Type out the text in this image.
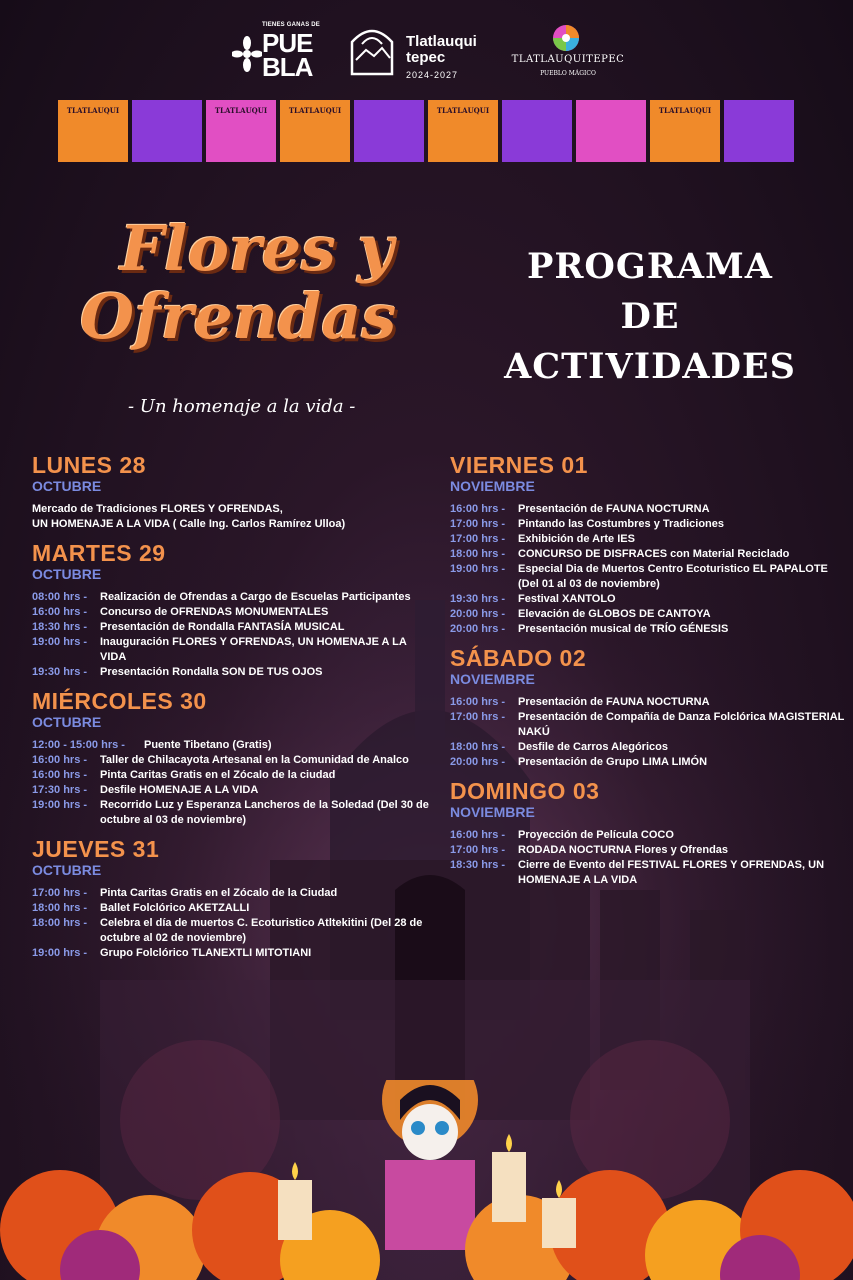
TIENES GANAS DE
PUE
BLA
Tlatlauqui
tepec
2024-2027
TLATLAUQUITEPEC
PUEBLO MÁGICO
TLATLAUQUI	TLATLAUQUI	TLATLAUQUI	TLATLAUQUI	TLATLAUQUI
Flores y
Ofrendas
- Un homenaje a la vida -
PROGRAMA
DE ACTIVIDADES
LUNES 28
OCTUBRE
Mercado de Tradiciones FLORES Y OFRENDAS,
UN HOMENAJE A LA VIDA ( Calle Ing. Carlos Ramírez Ulloa)
MARTES 29
OCTUBRE
08:00 hrs - Realización de Ofrendas a Cargo de Escuelas Participantes
16:00 hrs - Concurso de OFRENDAS MONUMENTALES
18:30 hrs - Presentación de Rondalla FANTASÍA MUSICAL
19:00 hrs - Inauguración FLORES Y OFRENDAS, UN HOMENAJE A LA VIDA
19:30 hrs - Presentación Rondalla SON DE TUS OJOS
MIÉRCOLES 30
OCTUBRE
12:00 - 15:00 hrs - Puente Tibetano (Gratis)
16:00 hrs - Taller de Chilacayota Artesanal en la Comunidad de Analco
16:00 hrs - Pinta Caritas Gratis en el Zócalo de la ciudad
17:30 hrs - Desfile HOMENAJE A LA VIDA
19:00 hrs - Recorrido Luz y Esperanza Lancheros de la Soledad (Del 30 de octubre al 03 de noviembre)
JUEVES 31
OCTUBRE
17:00 hrs - Pinta Caritas Gratis en el Zócalo de la Ciudad
18:00 hrs - Ballet Folclórico AKETZALLI
18:00 hrs - Celebra el día de muertos C. Ecoturistico Atltekitini (Del 28 de octubre al 02 de noviembre)
19:00 hrs - Grupo Folclórico TLANEXTLI MITOTIANI
VIERNES 01
NOVIEMBRE
16:00 hrs - Presentación de FAUNA NOCTURNA
17:00 hrs - Pintando las Costumbres y Tradiciones
17:00 hrs - Exhibición de Arte IES
18:00 hrs - CONCURSO DE DISFRACES con Material Reciclado
19:00 hrs - Especial Dia de Muertos Centro Ecoturistico EL PAPALOTE (Del 01 al 03 de noviembre)
19:30 hrs - Festival XANTOLO
20:00 hrs - Elevación de GLOBOS DE CANTOYA
20:00 hrs - Presentación musical de TRÍO GÉNESIS
SÁBADO 02
NOVIEMBRE
16:00 hrs - Presentación de FAUNA NOCTURNA
17:00 hrs - Presentación de Compañía de Danza Folclórica MAGISTERIAL NAKÚ
18:00 hrs - Desfile de Carros Alegóricos
20:00 hrs - Presentación de Grupo LIMA LIMÓN
DOMINGO 03
NOVIEMBRE
16:00 hrs - Proyección de Película COCO
17:00 hrs - RODADA NOCTURNA Flores y Ofrendas
18:30 hrs - Cierre de Evento del FESTIVAL FLORES Y OFRENDAS, UN HOMENAJE A LA VIDA
